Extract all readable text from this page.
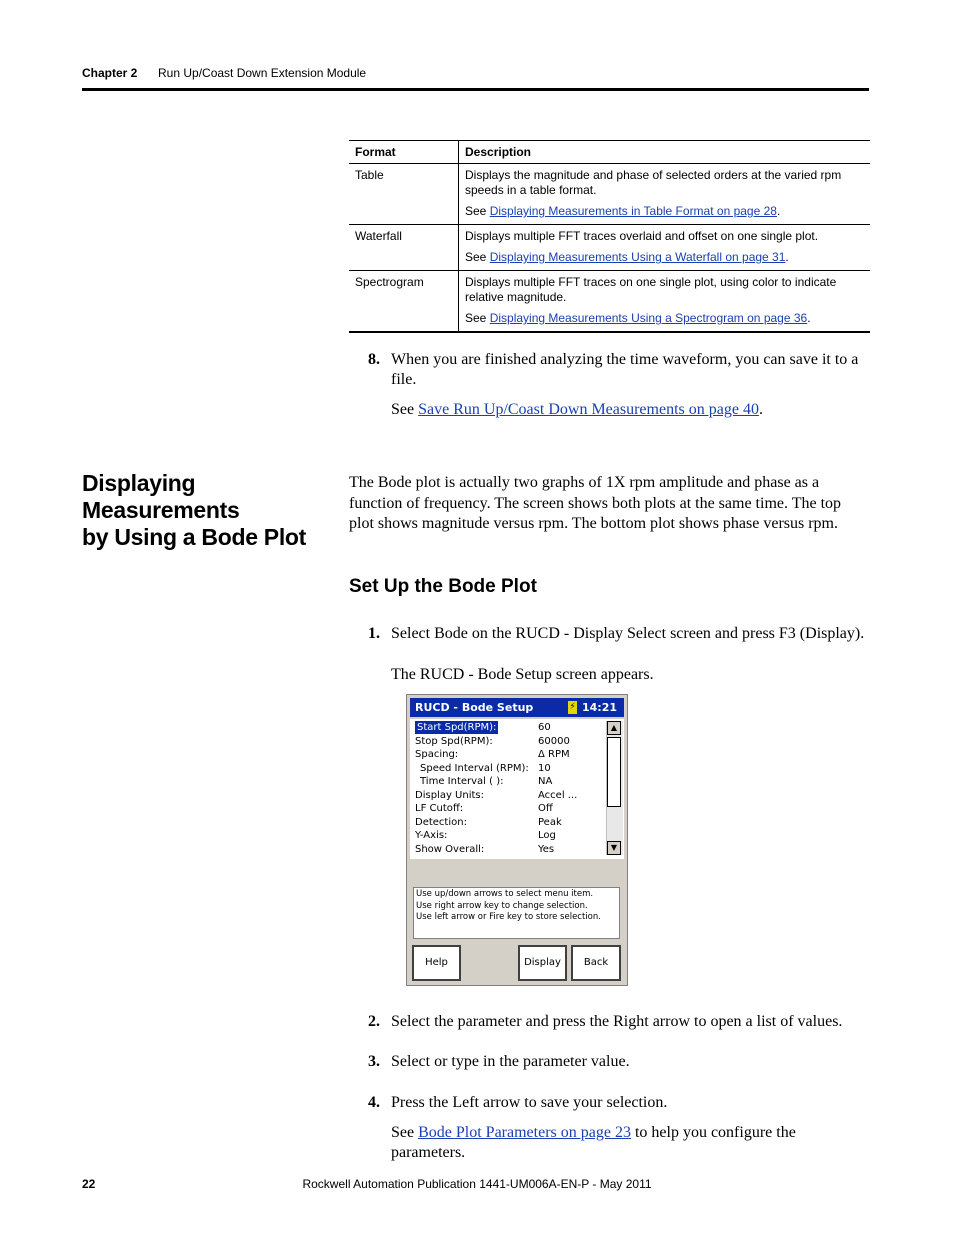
Chapter 2 Run Up/Coast Down Extension Module
Format	Description
Table	Displays the magnitude and phase of selected orders at the varied rpm speeds in a table format.
See Displaying Measurements in Table Format on page 28.

Waterfall	Displays multiple FFT traces overlaid and offset on one single plot.
See Displaying Measurements Using a Waterfall on page 31.

Spectrogram	Displays multiple FFT traces on one single plot, using color to indicate relative magnitude.
See Displaying Measurements Using a Spectrogram on page 36.
8. When you are finished analyzing the time waveform, you can save it to a file.
See Save Run Up/Coast Down Measurements on page 40.
Displaying Measurements
by Using a Bode Plot
The Bode plot is actually two graphs of 1X rpm amplitude and phase as a function of frequency. The screen shows both plots at the same time. The top plot shows magnitude versus rpm. The bottom plot shows phase versus rpm.
Set Up the Bode Plot
1. Select Bode on the RUCD - Display Select screen and press F3 (Display).
The RUCD - Bode Setup screen appears.
RUCD - Bode Setup	⚡ 14:21
Start Spd(RPM):	60
Stop Spd(RPM):	60000
Spacing:	Δ RPM
Speed Interval (RPM): 10
Time Interval ( ):	NA
Display Units:	Accel ...
LF Cutoff:	Off
Detection:	Peak
Y-Axis:	Log
Show Overall:	Yes
▲
▼
Use up/down arrows to select menu item.
Use right arrow key to change selection.
Use left arrow or Fire key to store selection.
Help	Display	Back
2. Select the parameter and press the Right arrow to open a list of values.
3. Select or type in the parameter value.
4. Press the Left arrow to save your selection.
See Bode Plot Parameters on page 23 to help you configure the parameters.
Rockwell Automation Publication 1441-UM006A-EN-P - May 2011
22
